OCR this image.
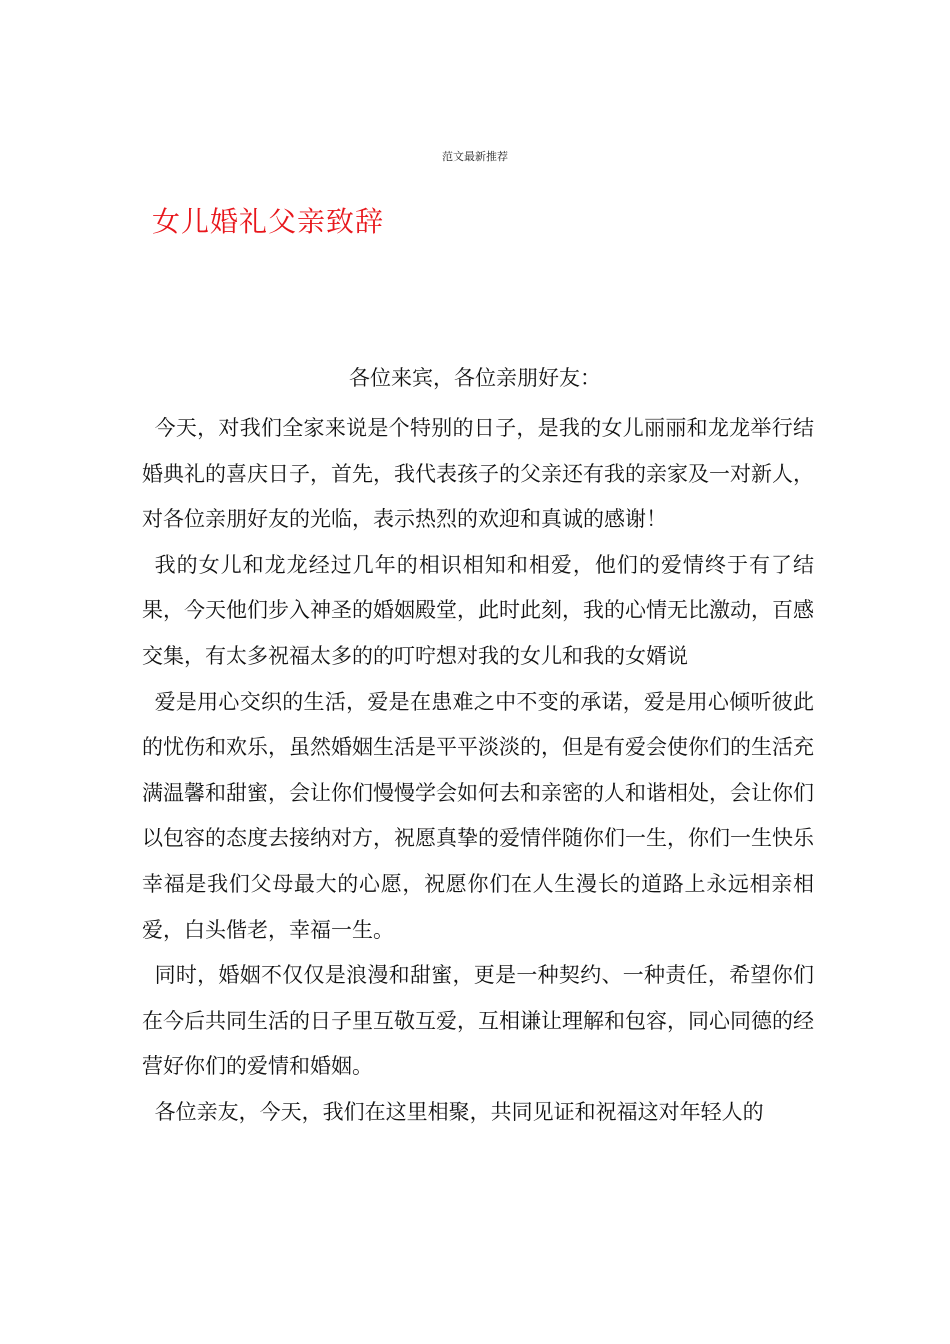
范文最新推荐
女儿婚礼父亲致辞
各位来宾，各位亲朋好友：

今天，对我们全家来说是个特别的日子，是我的女儿丽丽和龙龙举行结婚典礼的喜庆日子，首先，我代表孩子的父亲还有我的亲家及一对新人，对各位亲朋好友的光临，表示热烈的欢迎和真诚的感谢！

我的女儿和龙龙经过几年的相识相知和相爱，他们的爱情终于有了结果，今天他们步入神圣的婚姻殿堂，此时此刻，我的心情无比激动，百感交集，有太多祝福太多的的叮咛想对我的女儿和我的女婿说

爱是用心交织的生活，爱是在患难之中不变的承诺，爱是用心倾听彼此的忧伤和欢乐，虽然婚姻生活是平平淡淡的，但是有爱会使你们的生活充满温馨和甜蜜，会让你们慢慢学会如何去和亲密的人和谐相处，会让你们以包容的态度去接纳对方，祝愿真挚的爱情伴随你们一生，你们一生快乐幸福是我们父母最大的心愿，祝愿你们在人生漫长的道路上永远相亲相爱，白头偕老，幸福一生。

同时，婚姻不仅仅是浪漫和甜蜜，更是一种契约、一种责任，希望你们在今后共同生活的日子里互敬互爱，互相谦让理解和包容，同心同德的经营好你们的爱情和婚姻。

各位亲友，今天，我们在这里相聚，共同见证和祝福这对年轻人的
